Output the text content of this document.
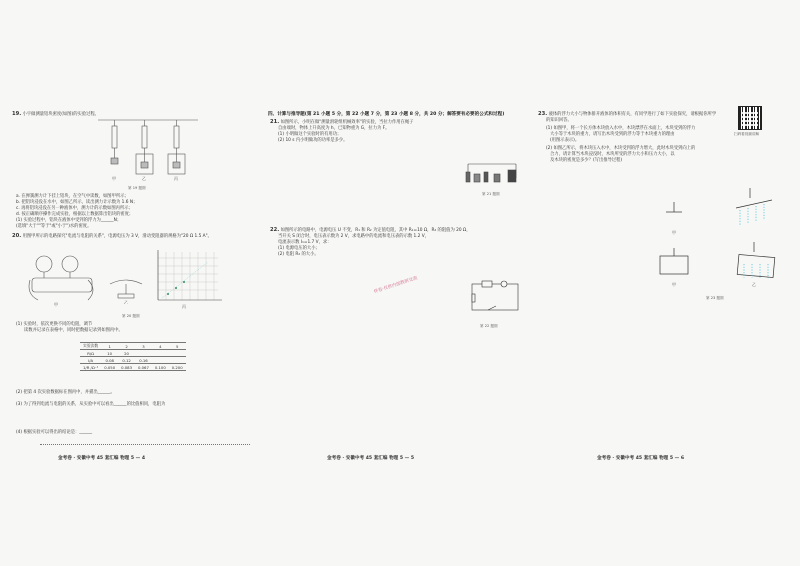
19. 小宇做测量铝块密度(如图)的实验过程。
甲	乙	丙
第 19 题图
a. 在弹簧测力计下挂上铝块，在空气中读数，如图甲所示；
b. 把铝块浸没在水中，如图乙所示，读出测力计示数为 1.6 N；
c. 再将铝块浸没在另一种液体中，测力计的示数如图丙所示；
d. 按正确顺序操作完成实验，根据以上数据算出铝块的密度；
(1) 实验过程中，铝块在液体中受到的浮力为______N；
(选填"大于""等于"或"小于")水的密度。
20. 用图甲所示的电路探究"电流与电阻的关系"，电源电压为 3 V，滑动变阻器的规格为"20 Ω 1.5 A"。
甲	乙
丙
第 20 题图
(1) 实验时，依次更换不同的电阻，调节
读数并记录在表格中，同时把数据记录到如图丙中。
实验次数	1	2	3	4	5
R/Ω	10	20			
I/A	0.08	0.12	0.16		
1/R /Ω⁻¹	0.050	0.083	0.067	0.100	0.200
(2) 把第 4 次实验数据标在图丙中，并描出______。
(3) 为了得到电流与电阻的关系，从实验中可以看出______的比值相同，电阻为
(4) 根据实验可以得出的结论是：______
四、计算与推导题(第 21 小题 5 分，第 22 小题 7 分，第 23 小题 8 分，共 20 分；解答要有必要的公式和过程)
21. 如图所示，小明在做"测量滑轮组机械效率"的实验，当拉力作用在绳子
自由端时，物体上升高度为 h，已知物重为 G，拉力为 F。
(1) 小明做这个实验时的有用功；
(2) 10 s 内小明做功的功率是多少。
第 21 题图
22. 如图所示的电路中，电源电压 U 不变，R₁ 和 R₂ 为定值电阻，其中 R₁=10 Ω，R₂ 的阻值为 20 Ω，
当开关 S 闭合时，电压表示数为 2 V，求电路中的电流和电压表的示数 1.2 V，
电流表示数 I₁=1.7 V，求：
(1) 电源电压的大小；
(2) 电阻 R₂ 的大小。
第 22 题图
样卷·仅供内部教研交流
23. 液体的浮力大小与物体排开液体的体积有关，有同学进行了如下实验探究，请根据你所学
的知识回答。
(1) 如图甲，将一个长方体木块放入水中，木块漂浮在水面上，木块受到的浮力
大小等于木块的重力，请写出木块受到的浮力等于木块重力的理由
(用图示表示)。
(2) 如图乙所示，将木块压入水中，木块受到的浮力增大，此时木块受到向上的
合力，请计算当木块浸没时，木块所受的浮力大小和压力大小，以
及木块的密度是多少？(写出推导过程)
甲
甲	乙
第 23 题图
扫码看视频讲解
金考卷 · 安徽中考 45 套汇编 物理 5 — 4	金考卷 · 安徽中考 45 套汇编 物理 5 — 5	金考卷 · 安徽中考 45 套汇编 物理 5 — 6
